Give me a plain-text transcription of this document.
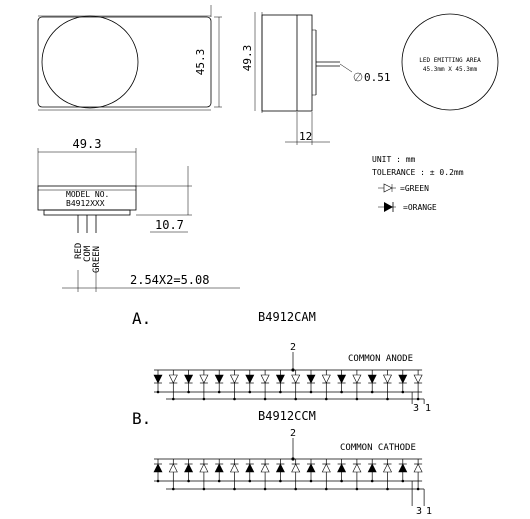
45.3
0.51
49.3
12
LED EMITTING AREA
45.3mm X 45.3mm
49.3
MODEL NO.
B4912XXX
10.7
RED COM GREEN
2.54X2=5.08
UNIT : mm
TOLERANCE : ± 0.2mm
=GREEN
=ORANGE
A.	B4912CAM
2
COMMON ANODE
3 1
B.	B4912CCM
2
COMMON CATHODE
3 1
